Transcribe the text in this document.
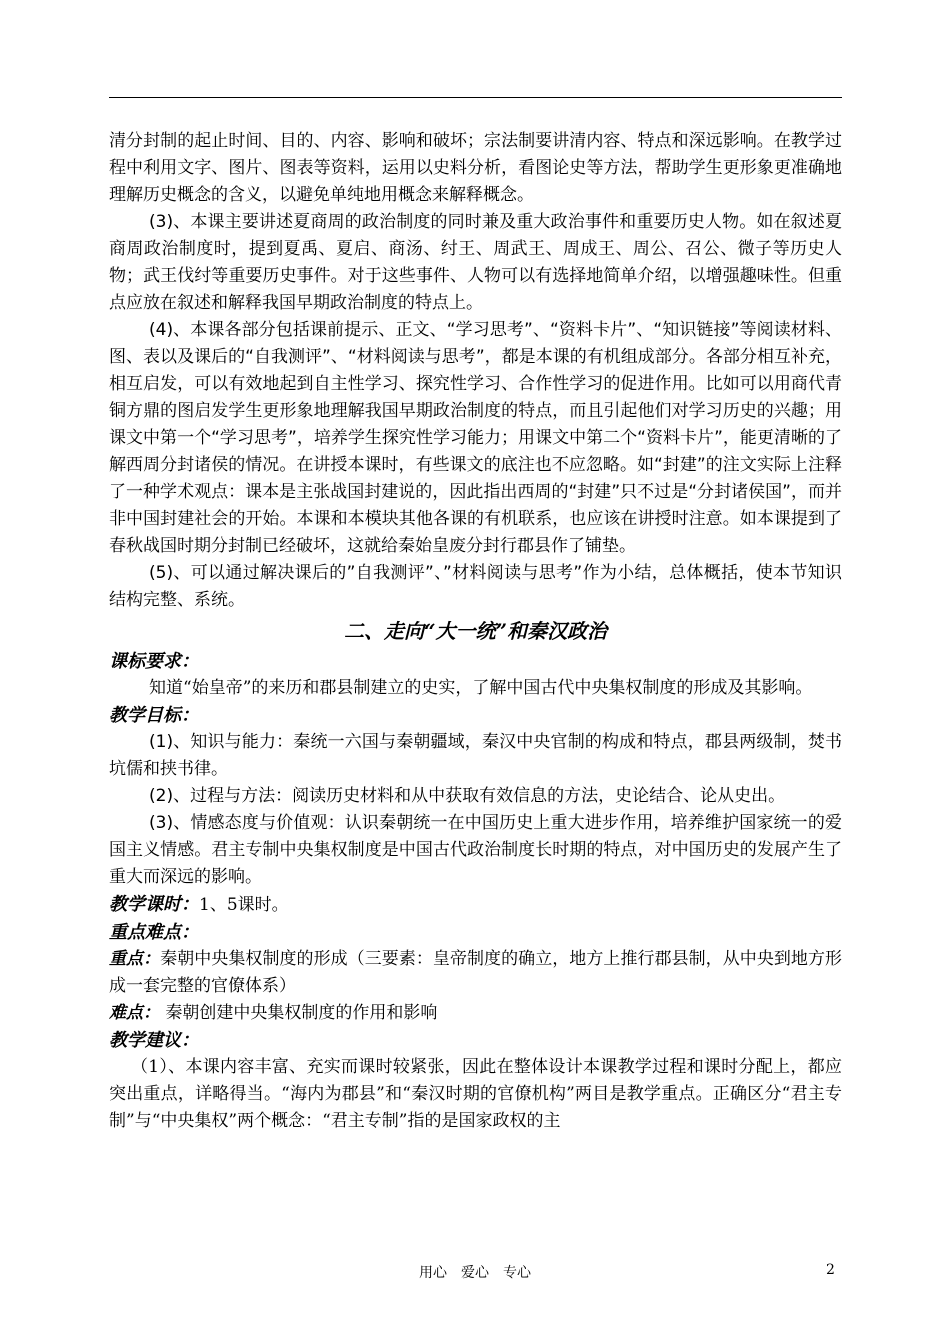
清分封制的起止时间、目的、内容、影响和破坏；宗法制要讲清内容、特点和深远影响。在教学过程中利用文字、图片、图表等资料，运用以史料分析，看图论史等方法，帮助学生更形象更准确地理解历史概念的含义，以避免单纯地用概念来解释概念。

(3)、本课主要讲述夏商周的政治制度的同时兼及重大政治事件和重要历史人物。如在叙述夏商周政治制度时，提到夏禹、夏启、商汤、纣王、周武王、周成王、周公、召公、微子等历史人物；武王伐纣等重要历史事件。对于这些事件、人物可以有选择地简单介绍，以增强趣味性。但重点应放在叙述和解释我国早期政治制度的特点上。

(4)、本课各部分包括课前提示、正文、“学习思考”、“资料卡片”、“知识链接”等阅读材料、图、表以及课后的“自我测评”、“材料阅读与思考”，都是本课的有机组成部分。各部分相互补充，相互启发，可以有效地起到自主性学习、探究性学习、合作性学习的促进作用。比如可以用商代青铜方鼎的图启发学生更形象地理解我国早期政治制度的特点，而且引起他们对学习历史的兴趣；用课文中第一个“学习思考”，培养学生探究性学习能力；用课文中第二个“资料卡片”，能更清晰的了解西周分封诸侯的情况。在讲授本课时，有些课文的底注也不应忽略。如“封建”的注文实际上注释了一种学术观点：课本是主张战国封建说的，因此指出西周的“封建”只不过是“分封诸侯国”，而并非中国封建社会的开始。本课和本模块其他各课的有机联系，也应该在讲授时注意。如本课提到了春秋战国时期分封制已经破坏，这就给秦始皇废分封行郡县作了铺垫。

(5)、可以通过解决课后的”自我测评”、”材料阅读与思考”作为小结，总体概括，使本节知识结构完整、系统。

二、走向“大一统”和秦汉政治

课标要求：

知道“始皇帝”的来历和郡县制建立的史实，了解中国古代中央集权制度的形成及其影响。

教学目标：

(1)、知识与能力：秦统一六国与秦朝疆域，秦汉中央官制的构成和特点，郡县两级制，焚书坑儒和挟书律。

(2)、过程与方法：阅读历史材料和从中获取有效信息的方法，史论结合、论从史出。

(3)、情感态度与价值观：认识秦朝统一在中国历史上重大进步作用，培养维护国家统一的爱国主义情感。君主专制中央集权制度是中国古代政治制度长时期的特点，对中国历史的发展产生了重大而深远的影响。

教学课时：1、5课时。

重点难点：

重点：秦朝中央集权制度的形成（三要素：皇帝制度的确立，地方上推行郡县制，从中央到地方形成一套完整的官僚体系）

难点： 秦朝创建中央集权制度的作用和影响

教学建议：

（1）、本课内容丰富、充实而课时较紧张，因此在整体设计本课教学过程和课时分配上，都应突出重点，详略得当。“海内为郡县”和“秦汉时期的官僚机构”两目是教学重点。正确区分“君主专制”与“中央集权”两个概念：“君主专制”指的是国家政权的主

用心　爱心　专心	2
